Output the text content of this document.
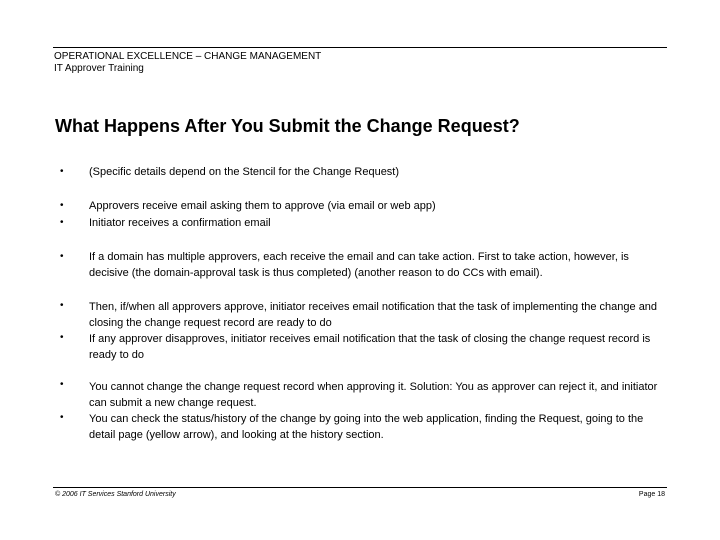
OPERATIONAL EXCELLENCE – CHANGE MANAGEMENT
IT Approver Training
What Happens After You Submit the Change Request?
• (Specific details depend on the Stencil for the Change Request)
• Approvers receive email asking them to approve (via email or web app)
• Initiator receives a confirmation email
• If a domain has multiple approvers, each receive the email and can take action. First to take action, however, is decisive (the domain-approval task is thus completed) (another reason to do CCs with email).
• Then, if/when all approvers approve, initiator receives email notification that the task of implementing the change and closing the change request record are ready to do
• If any approver disapproves, initiator receives email notification that the task of closing the change request record is ready to do
• You cannot change the change request record when approving it. Solution: You as approver can reject it, and initiator can submit a new change request.
• You can check the status/history of the change by going into the web application, finding the Request, going to the detail page (yellow arrow), and looking at the history section.
© 2006 IT Services Stanford University	Page 18
